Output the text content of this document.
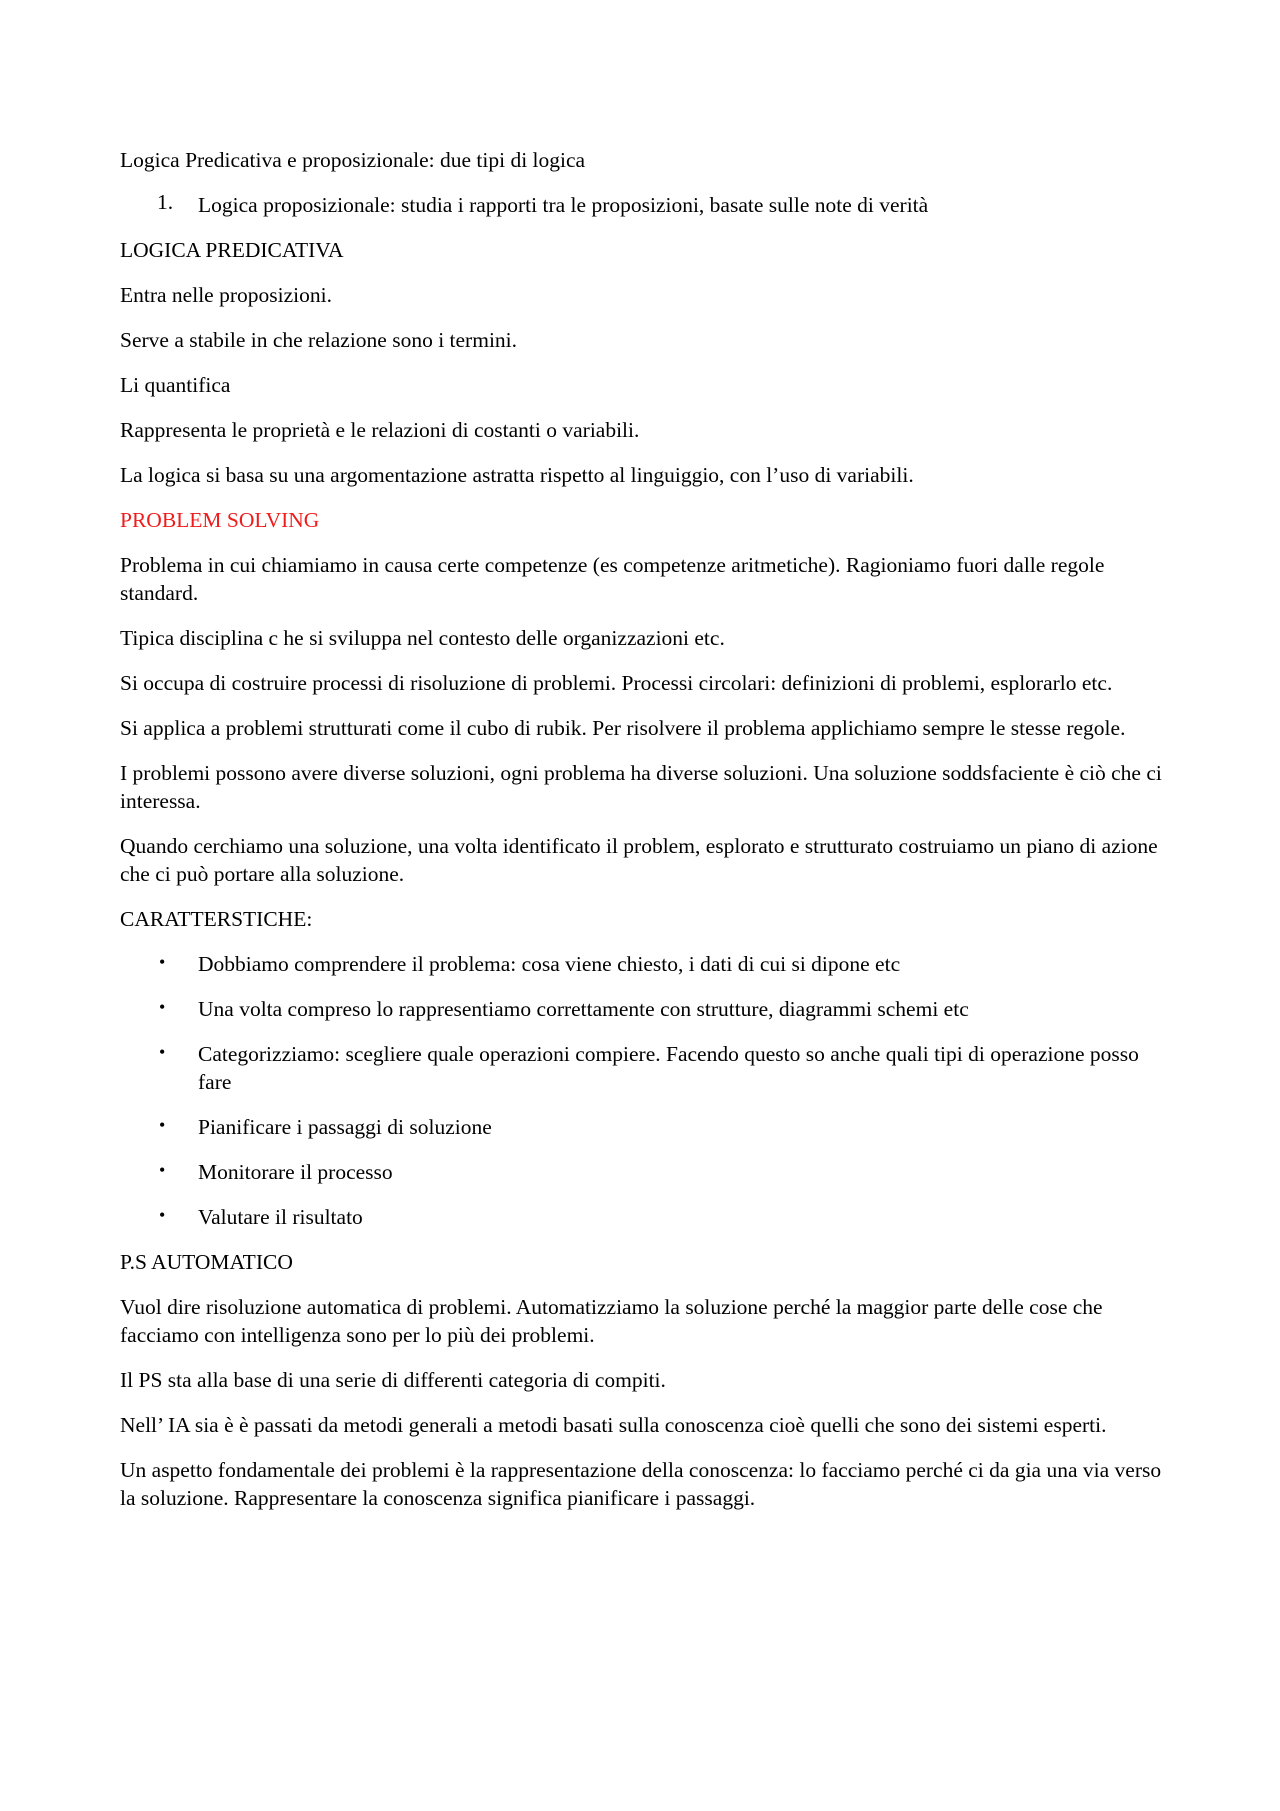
Logica Predicativa e proposizionale: due tipi di logica

1. Logica proposizionale: studia i rapporti tra le proposizioni, basate sulle note di verità

LOGICA PREDICATIVA

Entra nelle proposizioni.

Serve a stabile in che relazione sono i termini.

Li quantifica

Rappresenta le proprietà e le relazioni di costanti o variabili.

La logica si basa su una argomentazione astratta rispetto al linguiggio, con l’uso di variabili.

PROBLEM SOLVING

Problema in cui chiamiamo in causa certe competenze (es competenze aritmetiche). Ragioniamo fuori dalle regole standard.

Tipica disciplina c he si sviluppa nel contesto delle organizzazioni etc.

Si occupa di costruire processi di risoluzione di problemi. Processi circolari: definizioni di problemi, esplorarlo etc.

Si applica a problemi strutturati come il cubo di rubik. Per risolvere il problema applichiamo sempre le stesse regole.

I problemi possono avere diverse soluzioni, ogni problema ha diverse soluzioni. Una soluzione soddsfaciente è ciò che ci interessa.

Quando cerchiamo una soluzione, una volta identificato il problem, esplorato e strutturato costruiamo un piano di azione che ci può portare alla soluzione.

CARATTERSTICHE:

• Dobbiamo comprendere il problema: cosa viene chiesto, i dati di cui si dipone etc
• Una volta compreso lo rappresentiamo correttamente con strutture, diagrammi schemi etc
• Categorizziamo: scegliere quale operazioni compiere. Facendo questo so anche quali tipi di operazione posso fare
• Pianificare i passaggi di soluzione
• Monitorare il processo
• Valutare il risultato

P.S AUTOMATICO

Vuol dire risoluzione automatica di problemi. Automatizziamo la soluzione perché la maggior parte delle cose che facciamo con intelligenza sono per lo più dei problemi.

Il PS sta alla base di una serie di differenti categoria di compiti.

Nell’ IA sia è è passati da metodi generali a metodi basati sulla conoscenza cioè quelli che sono dei sistemi esperti.

Un aspetto fondamentale dei problemi è la rappresentazione della conoscenza: lo facciamo perché ci da gia una via verso la soluzione. Rappresentare la conoscenza significa pianificare i passaggi.
